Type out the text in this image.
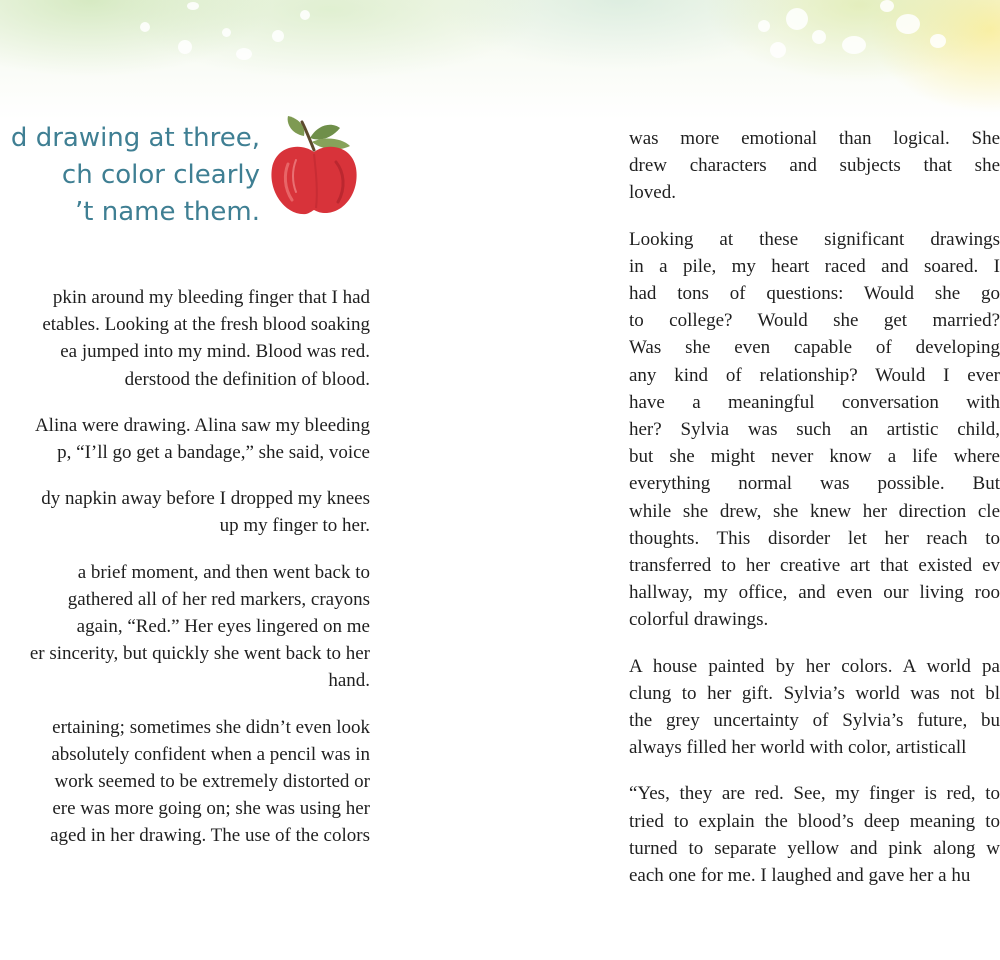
d drawing at three,
ch color clearly
’t name them.

pkin around my bleeding finger that I had
etables. Looking at the fresh blood soaking
ea jumped into my mind. Blood was red.
derstood the definition of blood.

Alina were drawing. Alina saw my bleeding
p, “I’ll go get a bandage,” she said, voice

dy napkin away before I dropped my knees
up my finger to her.

a brief moment, and then went back to
gathered all of her red markers, crayons
again, “Red.” Her eyes lingered on me
er sincerity, but quickly she went back to her
hand.

ertaining; sometimes she didn’t even look
absolutely confident when a pencil was in
work seemed to be extremely distorted or
ere was more going on; she was using her
aged in her drawing. The use of the colors

was more emotional than logical. She
drew characters and subjects that she
loved.

Looking at these significant drawings
in a pile, my heart raced and soared. I
had tons of questions: Would she go
to college? Would she get married?
Was she even capable of developing
any kind of relationship? Would I ever
have a meaningful conversation with
her? Sylvia was such an artistic child,
but she might never know a life where
everything normal was possible. But
while she drew, she knew her direction cle
thoughts. This disorder let her reach to
transferred to her creative art that existed ev
hallway, my office, and even our living roo
colorful drawings.

A house painted by her colors. A world pa
clung to her gift. Sylvia’s world was not bl
the grey uncertainty of Sylvia’s future, bu
always filled her world with color, artisticall

“Yes, they are red. See, my finger is red, to
tried to explain the blood’s deep meaning to
turned to separate yellow and pink along w
each one for me. I laughed and gave her a hu
